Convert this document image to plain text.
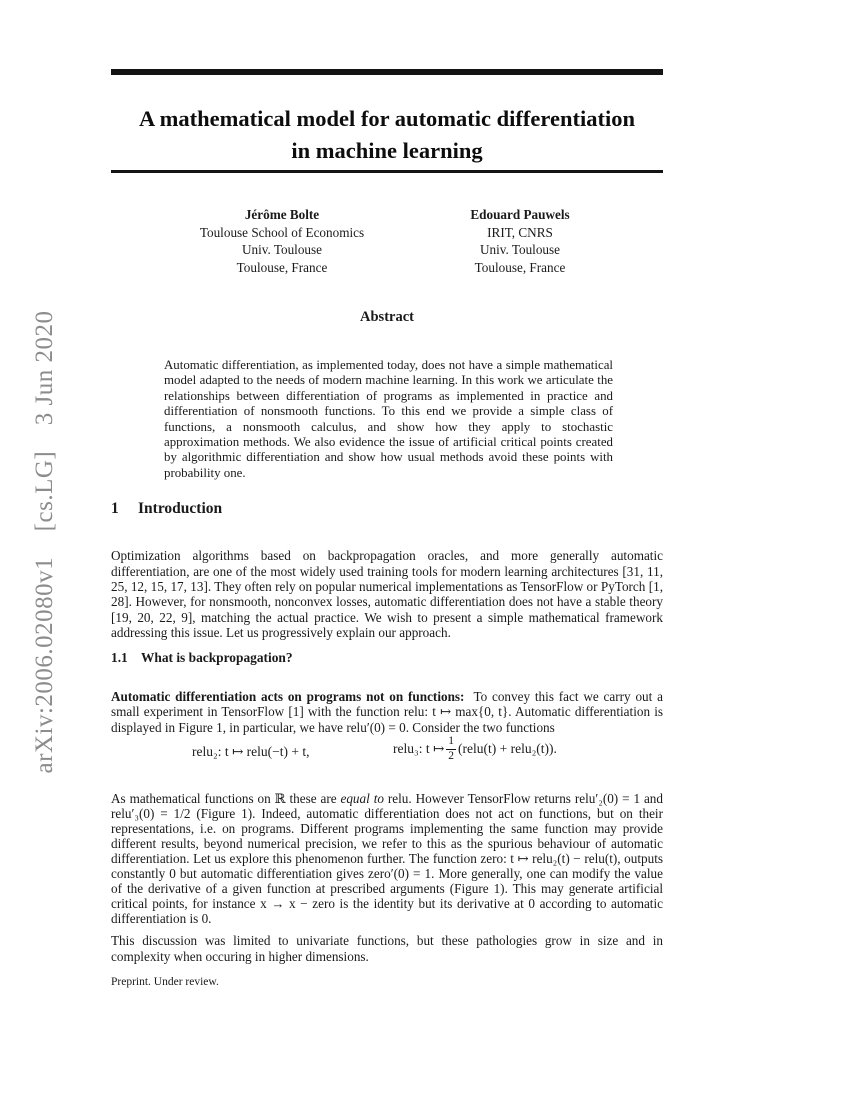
arXiv:2006.02080v1 [cs.LG] 3 Jun 2020
A mathematical model for automatic differentiation
in machine learning
Jérôme Bolte
Toulouse School of Economics
Univ. Toulouse
Toulouse, France
Edouard Pauwels
IRIT, CNRS
Univ. Toulouse
Toulouse, France
Abstract

Automatic differentiation, as implemented today, does not have a simple mathematical model adapted to the needs of modern machine learning. In this work we articulate the relationships between differentiation of programs as implemented in practice and differentiation of nonsmooth functions. To this end we provide a simple class of functions, a nonsmooth calculus, and show how they apply to stochastic approximation methods. We also evidence the issue of artificial critical points created by algorithmic differentiation and show how usual methods avoid these points with probability one.

1 Introduction

Optimization algorithms based on backpropagation oracles, and more generally automatic differentiation, are one of the most widely used training tools for modern learning architectures [31, 11, 25, 12, 15, 17, 13]. They often rely on popular numerical implementations as TensorFlow or PyTorch [1, 28]. However, for nonsmooth, nonconvex losses, automatic differentiation does not have a stable theory [19, 20, 22, 9], matching the actual practice. We wish to present a simple mathematical framework addressing this issue. Let us progressively explain our approach.

1.1 What is backpropagation?

Automatic differentiation acts on programs not on functions: To convey this fact we carry out a small experiment in TensorFlow [1] with the function relu: t ↦ max{0, t}. Automatic differentiation is displayed in Figure 1, in particular, we have relu′(0) = 0. Consider the two functions

relu₂: t ↦ relu(−t) + t,	relu₃: t ↦ $\frac{1}{2}$ (relu(t) + relu₂(t)).

As mathematical functions on ℝ these are equal to relu. However TensorFlow returns relu′₂(0) = 1 and relu′₃(0) = 1/2 (Figure 1). Indeed, automatic differentiation does not act on functions, but on their representations, i.e. on programs. Different programs implementing the same function may provide different results, beyond numerical precision, we refer to this as the spurious behaviour of automatic differentiation. Let us explore this phenomenon further. The function zero: t ↦ relu₂(t) − relu(t), outputs constantly 0 but automatic differentiation gives zero′(0) = 1. More generally, one can modify the value of the derivative of a given function at prescribed arguments (Figure 1). This may generate artificial critical points, for instance x → x − zero is the identity but its derivative at 0 according to automatic differentiation is 0.

This discussion was limited to univariate functions, but these pathologies grow in size and in complexity when occuring in higher dimensions.

Preprint. Under review.
